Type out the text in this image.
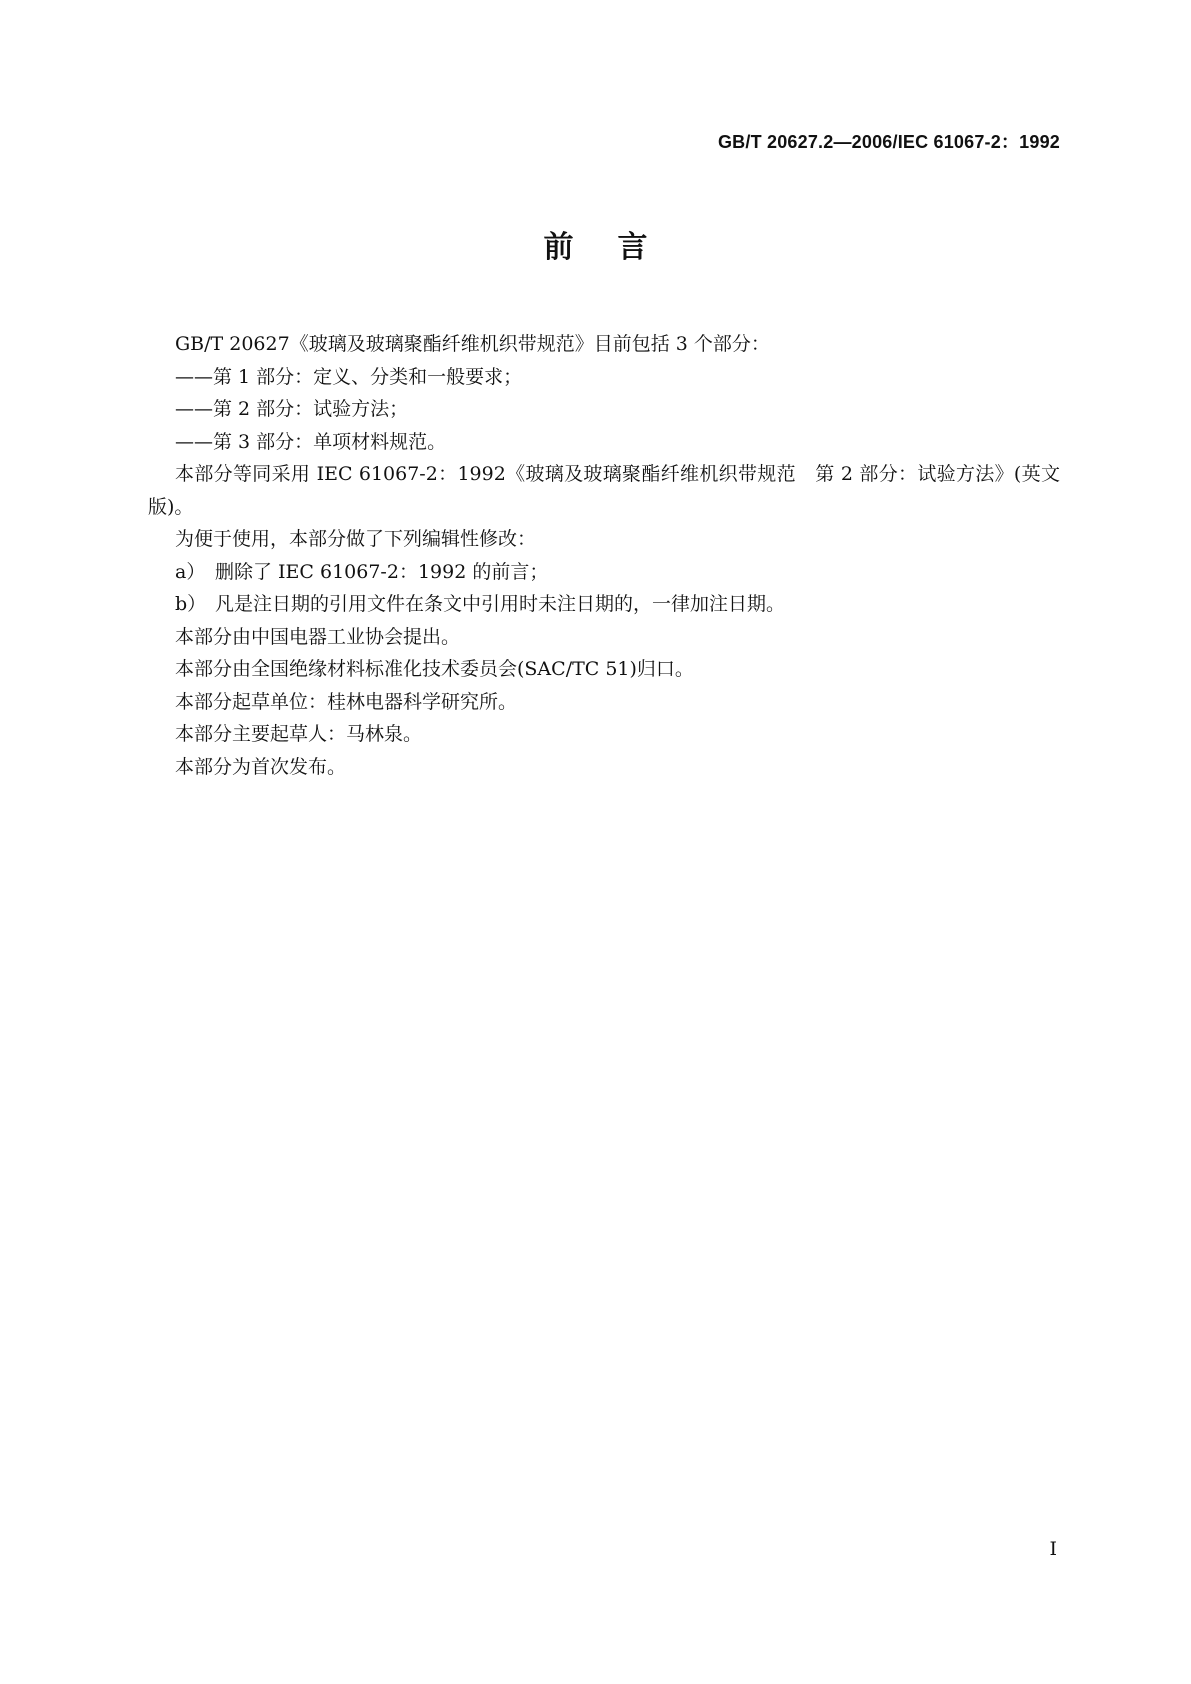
GB/T 20627.2—2006/IEC 61067-2：1992
前言

GB/T 20627《玻璃及玻璃聚酯纤维机织带规范》目前包括 3 个部分：

——第 1 部分：定义、分类和一般要求；

——第 2 部分：试验方法；

——第 3 部分：单项材料规范。

本部分等同采用 IEC 61067-2：1992《玻璃及玻璃聚酯纤维机织带规范　第 2 部分：试验方法》(英文版)。

为便于使用，本部分做了下列编辑性修改：

a） 删除了 IEC 61067-2：1992 的前言；

b） 凡是注日期的引用文件在条文中引用时未注日期的，一律加注日期。

本部分由中国电器工业协会提出。

本部分由全国绝缘材料标准化技术委员会(SAC/TC 51)归口。

本部分起草单位：桂林电器科学研究所。

本部分主要起草人：马林泉。

本部分为首次发布。

I
